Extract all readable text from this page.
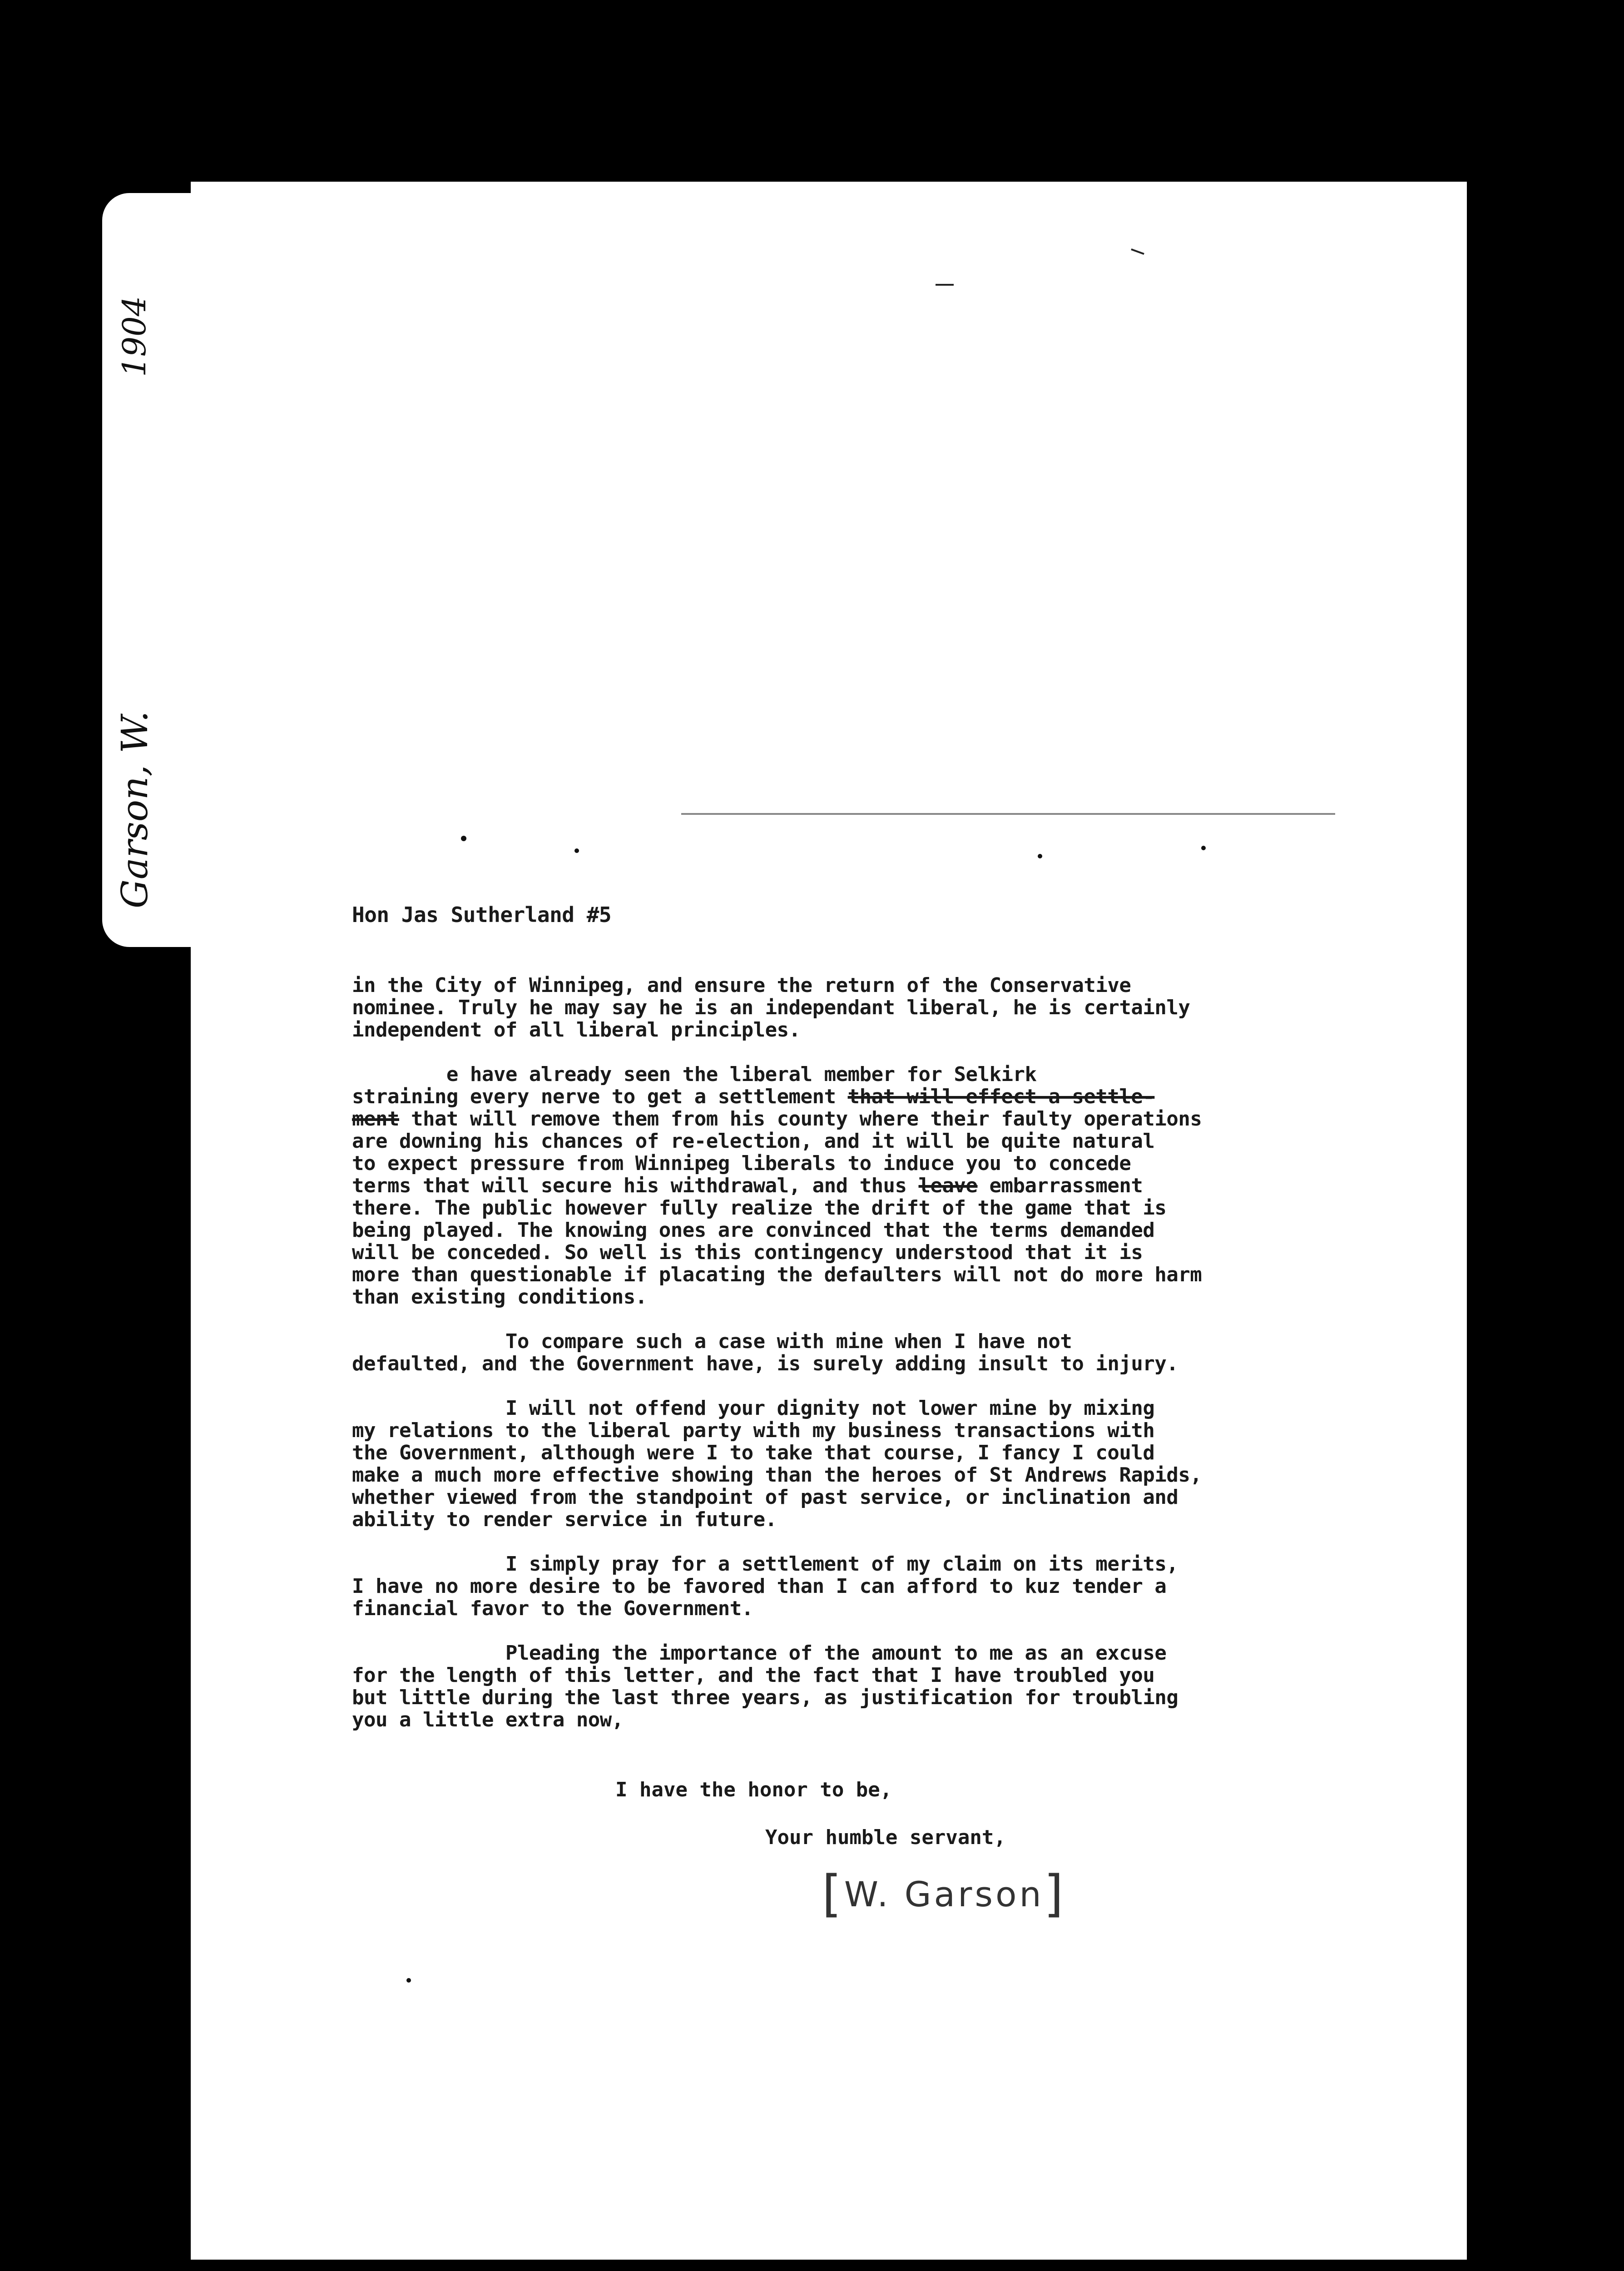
1904
Garson, W.
Hon Jas Sutherland #5
in the City of Winnipeg, and ensure the return of the Conservative
nominee. Truly he may say he is an independant liberal, he is certainly
independent of all liberal principles.
e have already seen the liberal member for Selkirk
straining every nerve to get a settlement that will effect a settle-
ment that will remove them from his county where their faulty operations
are downing his chances of re-election, and it will be quite natural
to expect pressure from Winnipeg liberals to induce you to concede
terms that will secure his withdrawal, and thus leave embarrassment
there. The public however fully realize the drift of the game that is
being played. The knowing ones are convinced that the terms demanded
will be conceded. So well is this contingency understood that it is
more than questionable if placating the defaulters will not do more harm
than existing conditions.
To compare such a case with mine when I have not
defaulted, and the Government have, is surely adding insult to injury.
I will not offend your dignity not lower mine by mixing
my relations to the liberal party with my business transactions with
the Government, although were I to take that course, I fancy I could
make a much more effective showing than the heroes of St Andrews Rapids,
whether viewed from the standpoint of past service, or inclination and
ability to render service in future.
I simply pray for a settlement of my claim on its merits,
I have no more desire to be favored than I can afford to kuz tender a
financial favor to the Government.
Pleading the importance of the amount to me as an excuse
for the length of this letter, and the fact that I have troubled you
but little during the last three years, as justification for troubling
you a little extra now,
I have the honor to be,
Your humble servant,
[W. Garson]
